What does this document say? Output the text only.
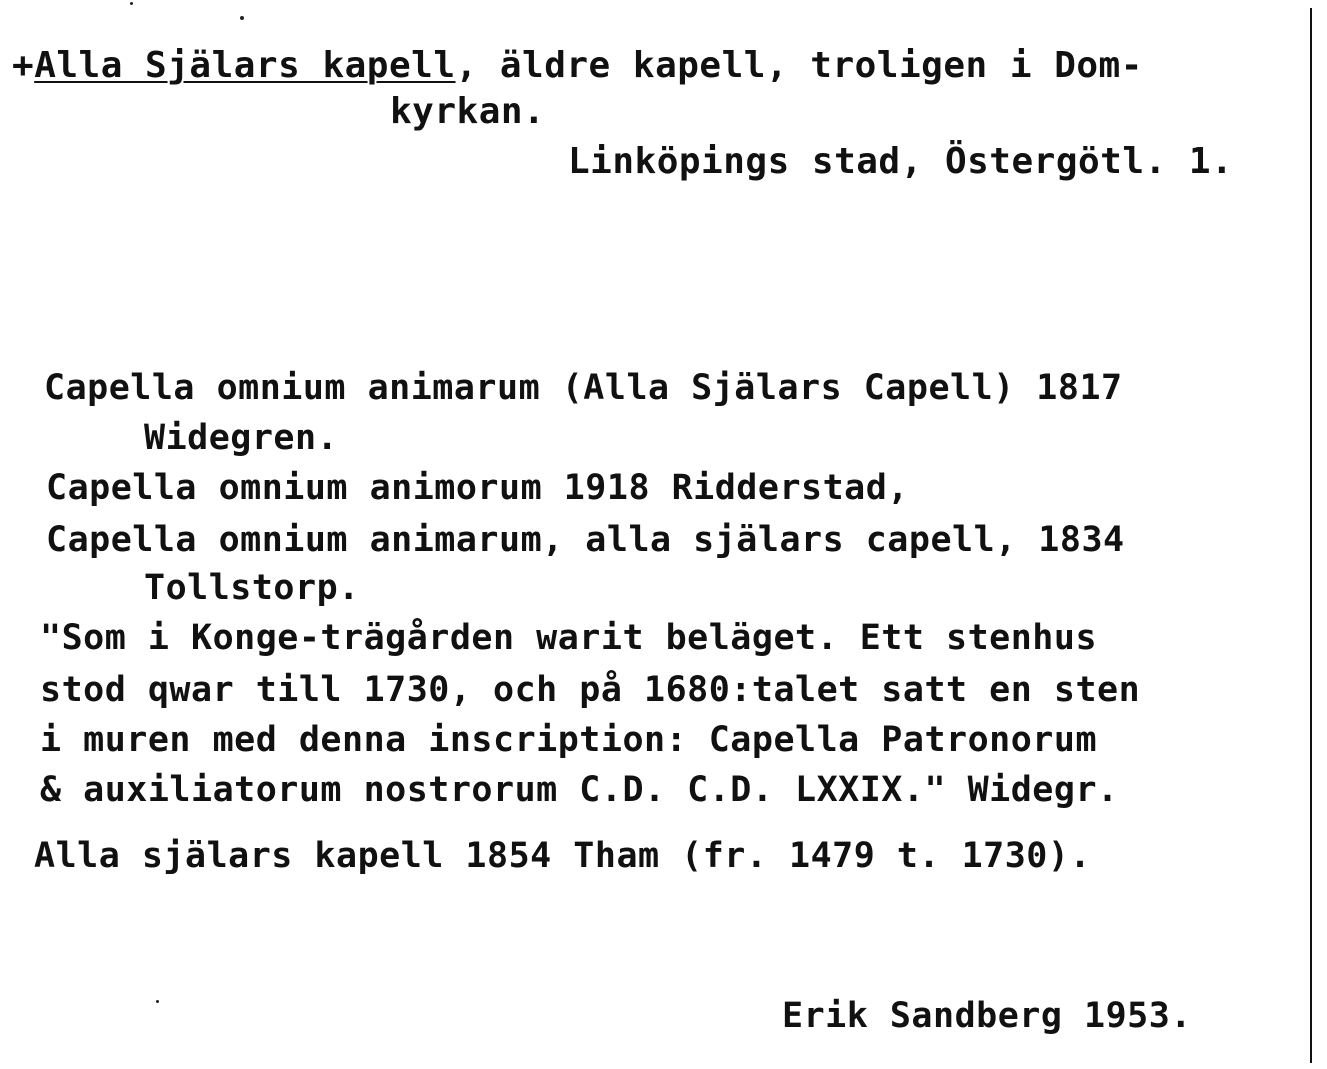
+Alla Själars kapell, äldre kapell, troligen i Dom-
kyrkan.
Linköpings stad, Östergötl. 1.
Capella omnium animarum (Alla Själars Capell) 1817
Widegren.
Capella omnium animorum 1918 Ridderstad,
Capella omnium animarum, alla själars capell, 1834
Tollstorp.
"Som i Konge-trägården warit beläget. Ett stenhus
stod qwar till 1730, och på 1680:talet satt en sten
i muren med denna inscription: Capella Patronorum
& auxiliatorum nostrorum C.D. C.D. LXXIX." Widegr.
Alla själars kapell 1854 Tham (fr. 1479 t. 1730).
Erik Sandberg 1953.
